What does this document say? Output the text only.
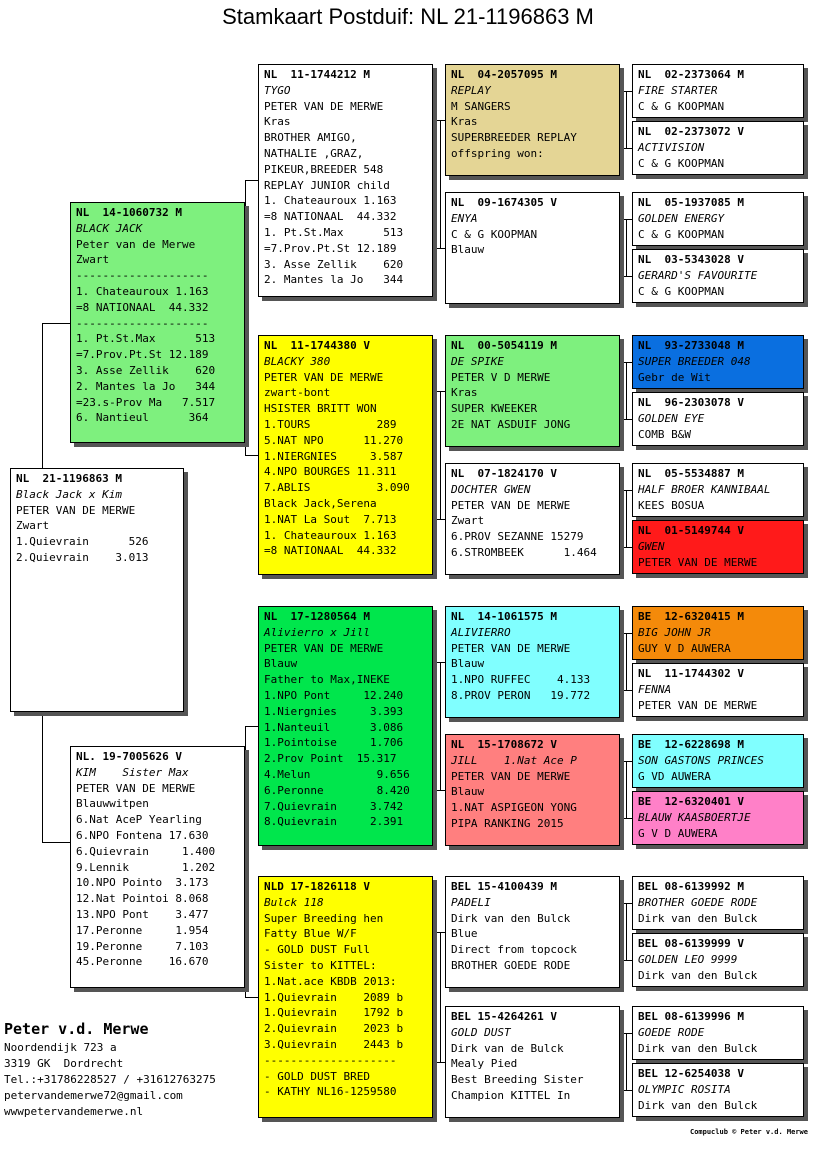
Stamkaart Postduif: NL 21-1196863 M
NL  21-1196863 M
Black Jack x Kim
PETER VAN DE MERWE
Zwart
1.Quievrain      526
2.Quievrain    3.013
NL  14-1060732 M
BLACK JACK
Peter van de Merwe
Zwart
--------------------
1. Chateauroux 1.163
=8 NATIONAAL  44.332
--------------------
1. Pt.St.Max      513
=7.Prov.Pt.St 12.189
3. Asse Zellik    620
2. Mantes la Jo   344
=23.s-Prov Ma   7.517
6. Nantieul      364
NL. 19-7005626 V
KIM    Sister Max
PETER VAN DE MERWE
Blauwwitpen
6.Nat AceP Yearling
6.NPO Fontena 17.630
6.Quievrain     1.400
9.Lennik        1.202
10.NPO Pointo  3.173
12.Nat Pointoi 8.068
13.NPO Pont    3.477
17.Peronne     1.954
19.Peronne     7.103
45.Peronne    16.670
NL  11-1744212 M
TYGO
PETER VAN DE MERWE
Kras
BROTHER AMIGO,
NATHALIE ,GRAZ,
PIKEUR,BREEDER 548
REPLAY JUNIOR child
1. Chateauroux 1.163
=8 NATIONAAL  44.332
1. Pt.St.Max      513
=7.Prov.Pt.St 12.189
3. Asse Zellik    620
2. Mantes la Jo   344
NL  11-1744380 V
BLACKY 380
PETER VAN DE MERWE
zwart-bont
HSISTER BRITT WON
1.TOURS          289
5.NAT NPO      11.270
1.NIERGNIES     3.587
4.NPO BOURGES 11.311
7.ABLIS          3.090
Black Jack,Serena
1.NAT La Sout  7.713
1. Chateauroux 1.163
=8 NATIONAAL  44.332
NL  17-1280564 M
Alivierro x Jill
PETER VAN DE MERWE
Blauw
Father to Max,INEKE
1.NPO Pont     12.240
1.Niergnies     3.393
1.Nanteuil      3.086
1.Pointoise     1.706
2.Prov Point  15.317
4.Melun          9.656
6.Peronne        8.420
7.Quievrain     3.742
8.Quievrain     2.391
NLD 17-1826118 V
Bulck 118
Super Breeding hen
Fatty Blue W/F
- GOLD DUST Full
Sister to KITTEL:
1.Nat.ace KBDB 2013:
1.Quievrain    2089 b
1.Quievrain    1792 b
2.Quievrain    2023 b
3.Quievrain    2443 b
--------------------
- GOLD DUST BRED
- KATHY NL16-1259580
NL  04-2057095 M
REPLAY
M SANGERS
Kras
SUPERBREEDER REPLAY
offspring won:
NL  09-1674305 V
ENYA
C & G KOOPMAN
Blauw
NL  00-5054119 M
DE SPIKE
PETER V D MERWE
Kras
SUPER KWEEKER
2E NAT ASDUIF JONG
NL  07-1824170 V
DOCHTER GWEN
PETER VAN DE MERWE
Zwart
6.PROV SEZANNE 15279
6.STROMBEEK      1.464
NL  14-1061575 M
ALIVIERRO
PETER VAN DE MERWE
Blauw
1.NPO RUFFEC    4.133
8.PROV PERON   19.772
NL  15-1708672 V
JILL    1.Nat Ace P
PETER VAN DE MERWE
Blauw
1.NAT ASPIGEON YONG
PIPA RANKING 2015
BEL 15-4100439 M
PADELI
Dirk van den Bulck
Blue
Direct from topcock
BROTHER GOEDE RODE
BEL 15-4264261 V
GOLD DUST
Dirk van de Bulck
Mealy Pied
Best Breeding Sister
Champion KITTEL In
NL  02-2373064 M
FIRE STARTER
C & G KOOPMAN
NL  02-2373072 V
ACTIVISION
C & G KOOPMAN
NL  05-1937085 M
GOLDEN ENERGY
C & G KOOPMAN
NL  03-5343028 V
GERARD'S FAVOURITE
C & G KOOPMAN
NL  93-2733048 M
SUPER BREEDER 048
Gebr de Wit
NL  96-2303078 V
GOLDEN EYE
COMB B&W
NL  05-5534887 M
HALF BROER KANNIBAAL
KEES BOSUA
NL  01-5149744 V
GWEN
PETER VAN DE MERWE
BE  12-6320415 M
BIG JOHN JR
GUY V D AUWERA
NL  11-1744302 V
FENNA
PETER VAN DE MERWE
BE  12-6228698 M
SON GASTONS PRINCES
G VD AUWERA
BE  12-6320401 V
BLAUW KAASBOERTJE
G V D AUWERA
BEL 08-6139992 M
BROTHER GOEDE RODE
Dirk van den Bulck
BEL 08-6139999 V
GOLDEN LEO 9999
Dirk van den Bulck
BEL 08-6139996 M
GOEDE RODE
Dirk van den Bulck
BEL 12-6254038 V
OLYMPIC ROSITA
Dirk van den Bulck
Peter v.d. Merwe
Noordendijk 723 a
3319 GK  Dordrecht
Tel.:+31786228527 / +31612763275
petervandemerwe72@gmail.com
wwwpetervandemerwe.nl
Compuclub © Peter v.d. Merwe
